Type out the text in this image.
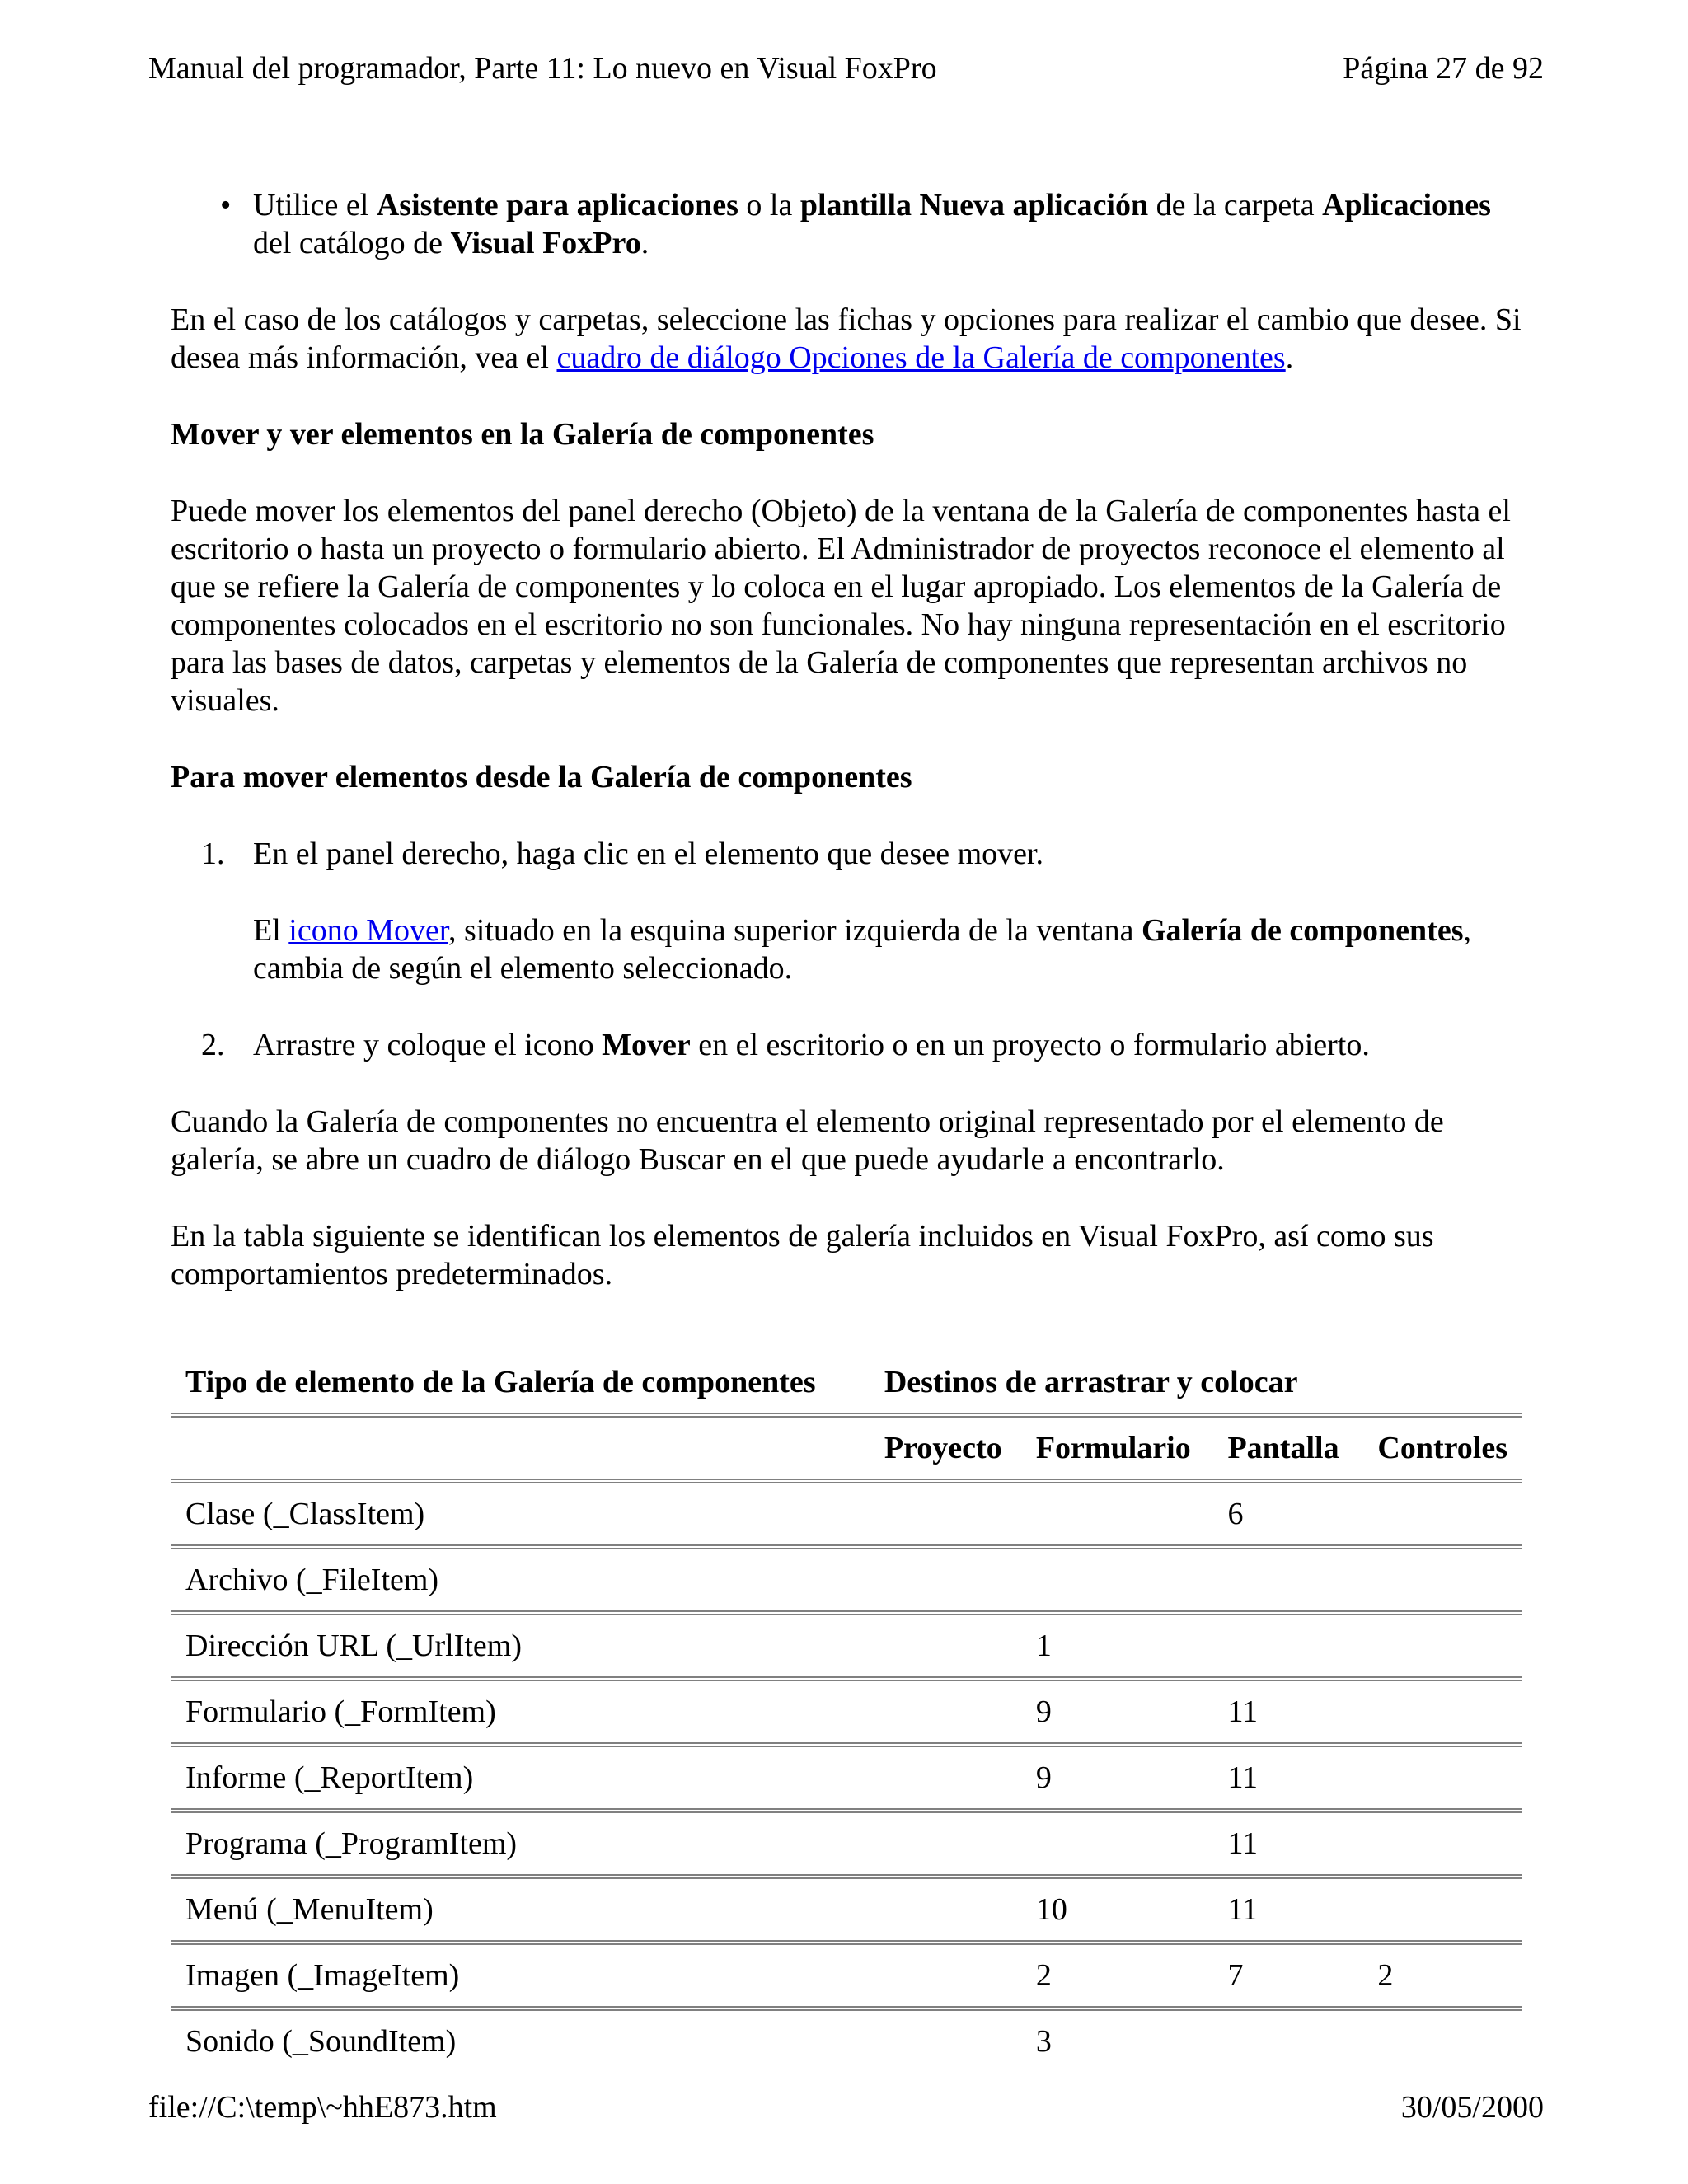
Manual del programador, Parte 11: Lo nuevo en Visual FoxPro	Página 27 de 92
• Utilice el Asistente para aplicaciones o la plantilla Nueva aplicación de la carpeta Aplicaciones del catálogo de Visual FoxPro.

En el caso de los catálogos y carpetas, seleccione las fichas y opciones para realizar el cambio que desee. Si desea más información, vea el cuadro de diálogo Opciones de la Galería de componentes.

Mover y ver elementos en la Galería de componentes

Puede mover los elementos del panel derecho (Objeto) de la ventana de la Galería de componentes hasta el escritorio o hasta un proyecto o formulario abierto. El Administrador de proyectos reconoce el elemento al que se refiere la Galería de componentes y lo coloca en el lugar apropiado. Los elementos de la Galería de componentes colocados en el escritorio no son funcionales. No hay ninguna representación en el escritorio para las bases de datos, carpetas y elementos de la Galería de componentes que representan archivos no visuales.

Para mover elementos desde la Galería de componentes

1. En el panel derecho, haga clic en el elemento que desee mover.
El icono Mover, situado en la esquina superior izquierda de la ventana Galería de componentes, cambia de según el elemento seleccionado.
2. Arrastre y coloque el icono Mover en el escritorio o en un proyecto o formulario abierto.

Cuando la Galería de componentes no encuentra el elemento original representado por el elemento de galería, se abre un cuadro de diálogo Buscar en el que puede ayudarle a encontrarlo.

En la tabla siguiente se identifican los elementos de galería incluidos en Visual FoxPro, así como sus comportamientos predeterminados.

Tipo de elemento de la Galería de componentes	Destinos de arrastrar y colocar			
	Proyecto	Formulario	Pantalla	Controles
Clase (_ClassItem)			6	
Archivo (_FileItem)				
Dirección URL (_UrlItem)		1		
Formulario (_FormItem)		9	11	
Informe (_ReportItem)		9	11	
Programa (_ProgramItem)			11	
Menú (_MenuItem)		10	11	
Imagen (_ImageItem)		2	7	2
Sonido (_SoundItem)		3		
file://C:\temp\~hhE873.htm	30/05/2000
